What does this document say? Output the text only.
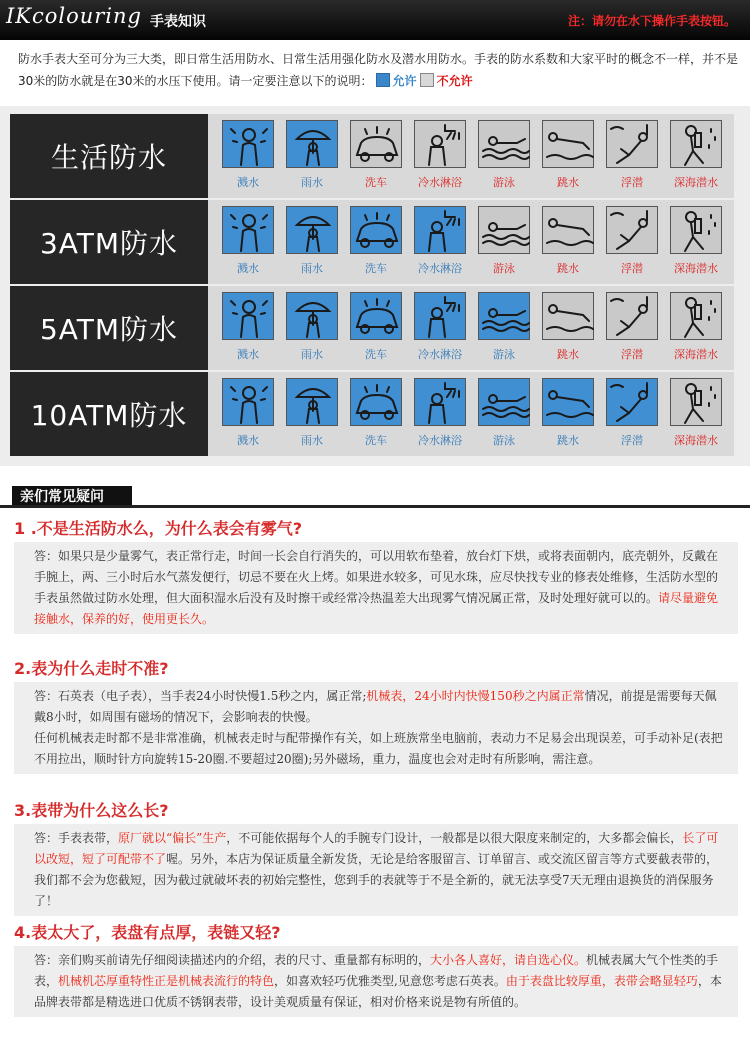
IKcolouring 手表知识	注：请勿在水下操作手表按钮。
防水手表大至可分为三大类，即日常生活用防水、日常生活用强化防水及潜水用防水。手表的防水系数和大家平时的概念不一样，并不是30米的防水就是在30米的水压下使用。请一定要注意以下的说明： 允许 不允许
生活防水
溅水	雨水	洗车	冷水淋浴	游泳	跳水	浮潜	深海潜水
3ATM防水
溅水	雨水	洗车	冷水淋浴	游泳	跳水	浮潜	深海潜水
5ATM防水
溅水	雨水	洗车	冷水淋浴	游泳	跳水	浮潜	深海潜水
10ATM防水
溅水	雨水	洗车	冷水淋浴	游泳	跳水	浮潜	深海潜水
亲们常见疑问
1 .不是生活防水么，为什么表会有雾气?
答：如果只是少量雾气，表正常行走，时间一长会自行消失的，可以用软布垫着，放台灯下烘，或将表面朝内，底壳朝外，反戴在手腕上，两、三小时后水气蒸发便行，切忌不要在火上烤。如果进水较多，可见水珠，应尽快找专业的修表处维修，生活防水型的手表虽然做过防水处理，但大面积湿水后没有及时擦干或经常冷热温差大出现雾气情况属正常，及时处理好就可以的。请尽量避免接触水，保养的好，使用更长久。
2.表为什么走时不准?
答：石英表（电子表），当手表24小时快慢1.5秒之内，属正常;机械表，24小时内快慢150秒之内属正常情况，前提是需要每天佩戴8小时，如周围有磁场的情况下，会影响表的快慢。
任何机械表走时都不是非常准确，机械表走时与配带操作有关，如上班族常坐电脑前，表动力不足易会出现误差，可手动补足(表把不用拉出，顺时针方向旋转15-20圈.不要超过20圈);另外磁场，重力，温度也会对走时有所影响，需注意。
3.表带为什么这么长?
答：手表表带，原厂就以“偏长”生产，不可能依据每个人的手腕专门设计，一般都是以很大限度来制定的，大多都会偏长，长了可以改短，短了可配带不了喔。另外，本店为保证质量全新发货，无论是给客服留言、订单留言、或交流区留言等方式要截表带的，我们都不会为您截短，因为截过就破坏表的初始完整性，您到手的表就等于不是全新的，就无法享受7天无理由退换货的消保服务了！
4.表太大了，表盘有点厚，表链又轻?
答：亲们购买前请先仔细阅读描述内的介绍，表的尺寸、重量都有标明的，大小各人喜好，请自选心仪。机械表属大气个性类的手表，机械机芯厚重特性正是机械表流行的特色，如喜欢轻巧优雅类型,见意您考虑石英表。由于表盘比较厚重，表带会略显轻巧，本品牌表带都是精选进口优质不锈钢表带，设计美观质量有保证，相对价格来说是物有所值的。
